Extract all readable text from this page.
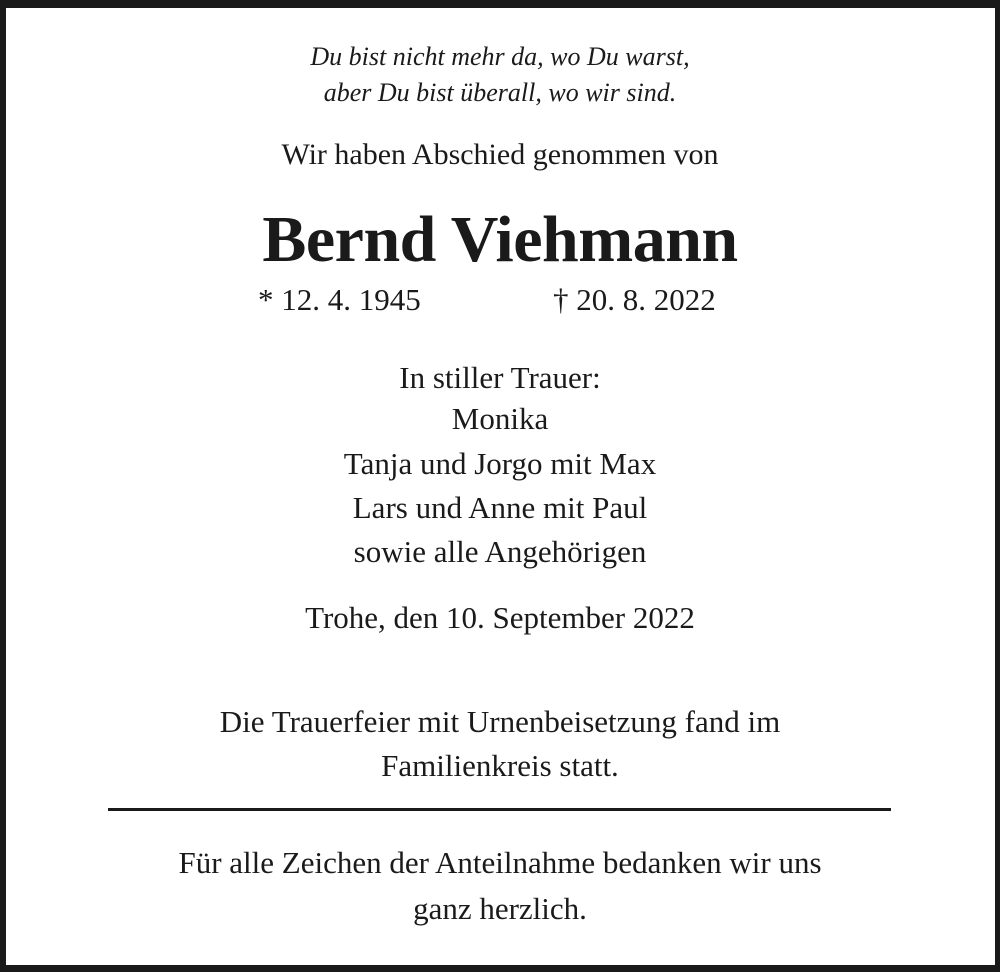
Du bist nicht mehr da, wo Du warst,
aber Du bist überall, wo wir sind.
Wir haben Abschied genommen von
Bernd Viehmann
* 12. 4. 1945	† 20. 8. 2022
In stiller Trauer:
Monika
Tanja und Jorgo mit Max
Lars und Anne mit Paul
sowie alle Angehörigen
Trohe, den 10. September 2022
Die Trauerfeier mit Urnenbeisetzung fand im
Familienkreis statt.
Für alle Zeichen der Anteilnahme bedanken wir uns
ganz herzlich.
